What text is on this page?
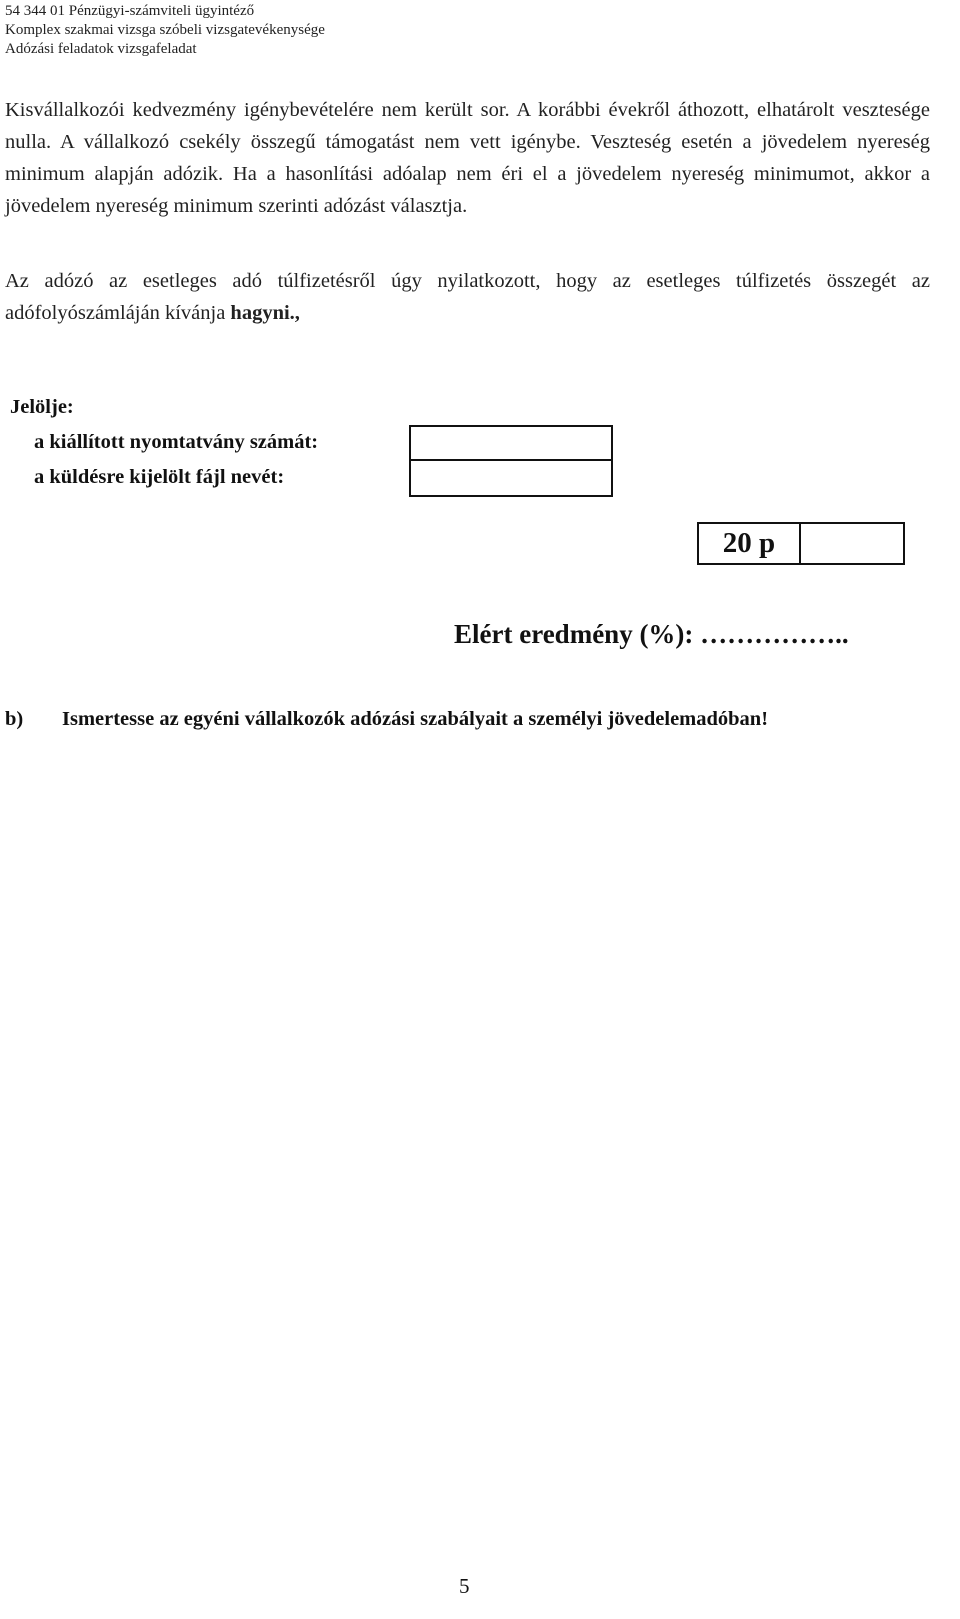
54 344 01 Pénzügyi-számviteli ügyintéző
Komplex szakmai vizsga szóbeli vizsgatevékenysége
Adózási feladatok vizsgafeladat
Kisvállalkozói kedvezmény igénybevételére nem került sor. A korábbi évekről áthozott, elhatárolt vesztesége nulla. A vállalkozó csekély összegű támogatást nem vett igénybe. Veszteség esetén a jövedelem nyereség minimum alapján adózik. Ha a hasonlítási adóalap nem éri el a jövedelem nyereség minimumot, akkor a jövedelem nyereség minimum szerinti adózást választja.
Az adózó az esetleges adó túlfizetésről úgy nyilatkozott, hogy az esetleges túlfizetés összegét az adófolyószámláján kívánja hagyni.,
Jelölje:
a kiállított nyomtatvány számát:
a küldésre kijelölt fájl nevét:
20 p
Elért eredmény (%): ……………..
b) Ismertesse az egyéni vállalkozók adózási szabályait a személyi jövedelemadóban!
5
